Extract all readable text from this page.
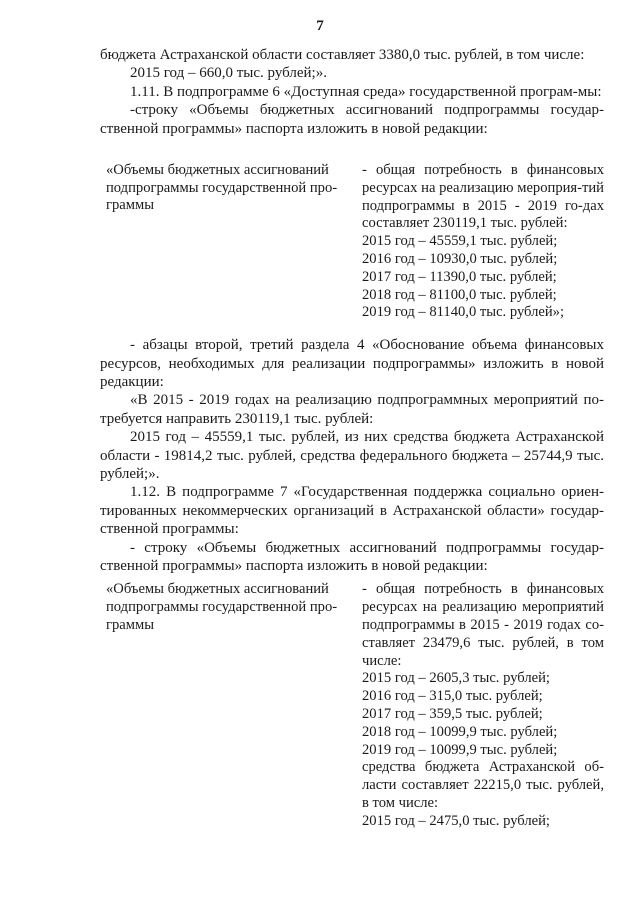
7

бюджета Астраханской области составляет 3380,0 тыс. рублей, в том числе:

2015 год – 660,0 тыс. рублей;».

1.11. В подпрограмме 6 «Доступная среда» государственной програм-мы:

-строку «Объемы бюджетных ассигнований подпрограммы государ-ственной программы» паспорта изложить в новой редакции:

«Объемы бюджетных ассигнований подпрограммы государственной про-граммы
- общая потребность в финансовых ресурсах на реализацию мероприя-тий подпрограммы в 2015 - 2019 го-дах составляет 230119,1 тыс. рублей:
2015 год – 45559,1 тыс. рублей;
2016 год – 10930,0 тыс. рублей;
2017 год – 11390,0 тыс. рублей;
2018 год – 81100,0 тыс. рублей;
2019 год – 81140,0 тыс. рублей»;

- абзацы второй, третий раздела 4 «Обоснование объема финансовых ресурсов, необходимых для реализации подпрограммы» изложить в новой редакции:

«В 2015 - 2019 годах на реализацию подпрограммных мероприятий по-требуется направить 230119,1 тыс. рублей:

2015 год – 45559,1 тыс. рублей, из них средства бюджета Астраханской области - 19814,2 тыс. рублей, средства федерального бюджета – 25744,9 тыс. рублей;».

1.12. В подпрограмме 7 «Государственная поддержка социально ориен-тированных некоммерческих организаций в Астраханской области» государ-ственной программы:

- строку «Объемы бюджетных ассигнований подпрограммы государ-ственной программы» паспорта изложить в новой редакции:

«Объемы бюджетных ассигнований подпрограммы государственной про-граммы
- общая потребность в финансовых ресурсах на реализацию мероприятий подпрограммы в 2015 - 2019 годах со-ставляет 23479,6 тыс. рублей, в том числе:
2015 год – 2605,3 тыс. рублей;
2016 год – 315,0 тыс. рублей;
2017 год – 359,5 тыс. рублей;
2018 год – 10099,9 тыс. рублей;
2019 год – 10099,9 тыс. рублей;
средства бюджета Астраханской об-ласти составляет 22215,0 тыс. рублей, в том числе:
2015 год – 2475,0 тыс. рублей;
